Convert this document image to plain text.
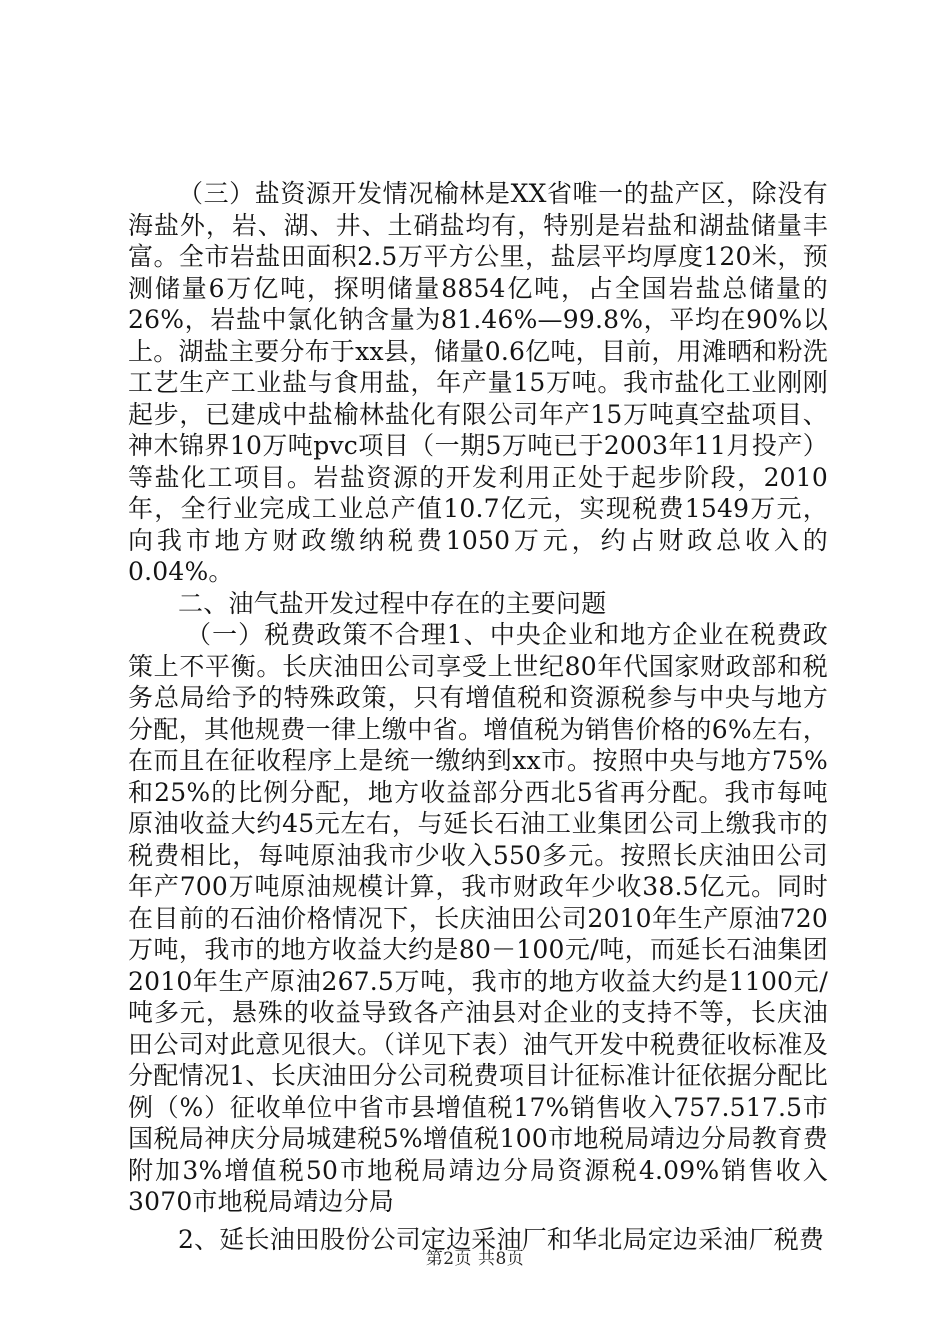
（三）盐资源开发情况榆林是XX省唯一的盐产区，除没有海盐外，岩、湖、井、土硝盐均有，特别是岩盐和湖盐储量丰富。全市岩盐田面积2.5万平方公里，盐层平均厚度120米，预测储量6万亿吨，探明储量8854亿吨，占全国岩盐总储量的26%，岩盐中氯化钠含量为81.46%—99.8%，平均在90%以上。湖盐主要分布于xx县，储量0.6亿吨，目前，用滩晒和粉洗工艺生产工业盐与食用盐，年产量15万吨。我市盐化工业刚刚起步，已建成中盐榆林盐化有限公司年产15万吨真空盐项目、神木锦界10万吨pvc项目（一期5万吨已于2003年11月投产）等盐化工项目。岩盐资源的开发利用正处于起步阶段，2010年，全行业完成工业总产值10.7亿元，实现税费1549万元，向我市地方财政缴纳税费1050万元，约占财政总收入的0.04%。

二、油气盐开发过程中存在的主要问题

（一）税费政策不合理1、中央企业和地方企业在税费政策上不平衡。长庆油田公司享受上世纪80年代国家财政部和税务总局给予的特殊政策，只有增值税和资源税参与中央与地方分配，其他规费一律上缴中省。增值税为销售价格的6%左右，在而且在征收程序上是统一缴纳到xx市。按照中央与地方75%和25%的比例分配，地方收益部分西北5省再分配。我市每吨原油收益大约45元左右，与延长石油工业集团公司上缴我市的税费相比，每吨原油我市少收入550多元。按照长庆油田公司年产700万吨原油规模计算，我市财政年少收38.5亿元。同时在目前的石油价格情况下，长庆油田公司2010年生产原油720万吨，我市的地方收益大约是80－100元/吨，而延长石油集团2010年生产原油267.5万吨，我市的地方收益大约是1100元/吨多元，悬殊的收益导致各产油县对企业的支持不等，长庆油田公司对此意见很大。（详见下表）油气开发中税费征收标准及分配情况1、长庆油田分公司税费项目计征标准计征依据分配比例（%）征收单位中省市县增值税17%销售收入757.517.5市国税局神庆分局城建税5%增值税100市地税局靖边分局教育费附加3%增值税50市地税局靖边分局资源税4.09%销售收入3070市地税局靖边分局

2、延长油田股份公司定边采油厂和华北局定边采油厂税费

第2页 共8页
